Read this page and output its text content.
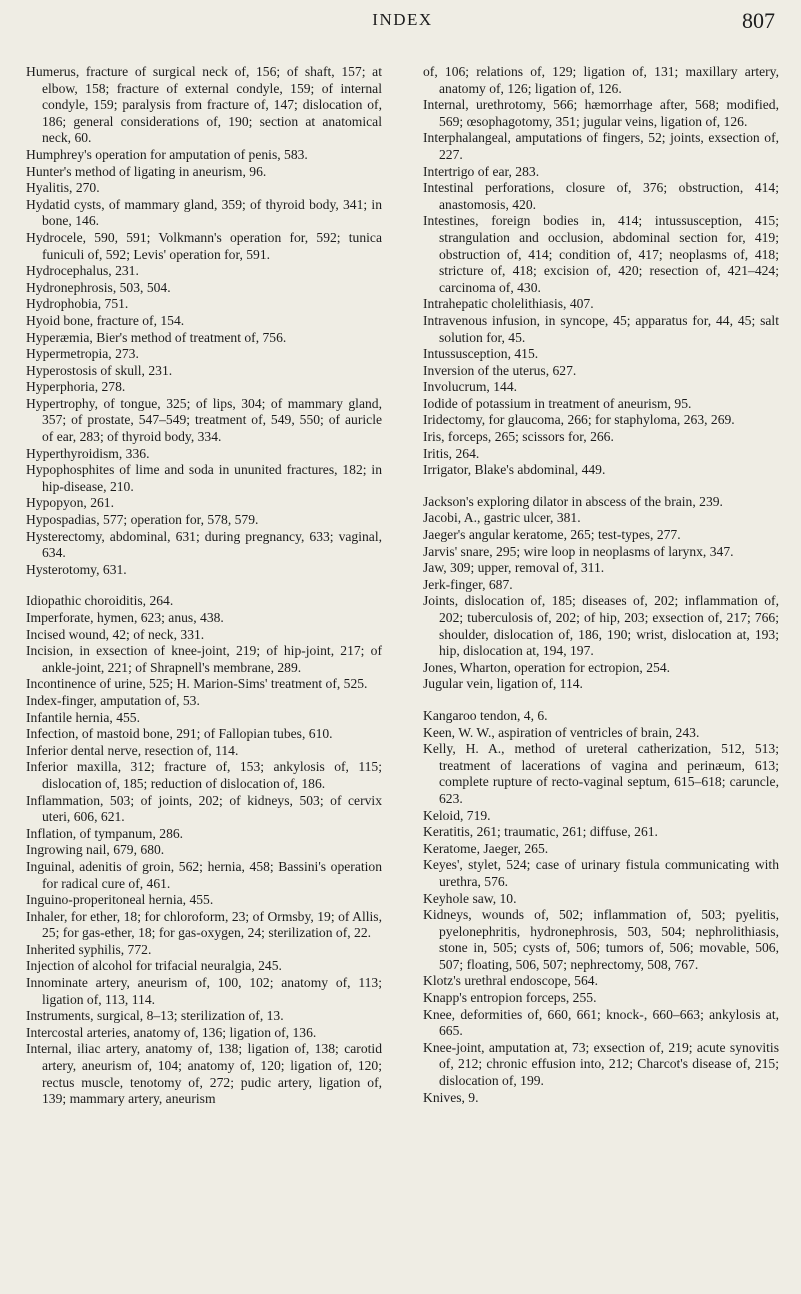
INDEX	807

Humerus, fracture of surgical neck of, 156; of shaft, 157; at elbow, 158; fracture of external condyle, 159; of internal condyle, 159; paralysis from fracture of, 147; dislocation of, 186; general considerations of, 190; section at anatomical neck, 60.

Humphrey's operation for amputation of penis, 583.

Hunter's method of ligating in aneurism, 96.

Hyalitis, 270.

Hydatid cysts, of mammary gland, 359; of thyroid body, 341; in bone, 146.

Hydrocele, 590, 591; Volkmann's operation for, 592; tunica funiculi of, 592; Levis' operation for, 591.

Hydrocephalus, 231.

Hydronephrosis, 503, 504.

Hydrophobia, 751.

Hyoid bone, fracture of, 154.

Hyperæmia, Bier's method of treatment of, 756.

Hypermetropia, 273.

Hyperostosis of skull, 231.

Hyperphoria, 278.

Hypertrophy, of tongue, 325; of lips, 304; of mammary gland, 357; of prostate, 547–549; treatment of, 549, 550; of auricle of ear, 283; of thyroid body, 334.

Hyperthyroidism, 336.

Hypophosphites of lime and soda in ununited fractures, 182; in hip-disease, 210.

Hypopyon, 261.

Hypospadias, 577; operation for, 578, 579.

Hysterectomy, abdominal, 631; during pregnancy, 633; vaginal, 634.

Hysterotomy, 631.

Idiopathic choroiditis, 264.

Imperforate, hymen, 623; anus, 438.

Incised wound, 42; of neck, 331.

Incision, in exsection of knee-joint, 219; of hip-joint, 217; of ankle-joint, 221; of Shrapnell's membrane, 289.

Incontinence of urine, 525; H. Marion-Sims' treatment of, 525.

Index-finger, amputation of, 53.

Infantile hernia, 455.

Infection, of mastoid bone, 291; of Fallopian tubes, 610.

Inferior dental nerve, resection of, 114.

Inferior maxilla, 312; fracture of, 153; ankylosis of, 115; dislocation of, 185; reduction of dislocation of, 186.

Inflammation, 503; of joints, 202; of kidneys, 503; of cervix uteri, 606, 621.

Inflation, of tympanum, 286.

Ingrowing nail, 679, 680.

Inguinal, adenitis of groin, 562; hernia, 458; Bassini's operation for radical cure of, 461.

Inguino-properitoneal hernia, 455.

Inhaler, for ether, 18; for chloroform, 23; of Ormsby, 19; of Allis, 25; for gas-ether, 18; for gas-oxygen, 24; sterilization of, 22.

Inherited syphilis, 772.

Injection of alcohol for trifacial neuralgia, 245.

Innominate artery, aneurism of, 100, 102; anatomy of, 113; ligation of, 113, 114.

Instruments, surgical, 8–13; sterilization of, 13.

Intercostal arteries, anatomy of, 136; ligation of, 136.

Internal, iliac artery, anatomy of, 138; ligation of, 138; carotid artery, aneurism of, 104; anatomy of, 120; ligation of, 120; rectus muscle, tenotomy of, 272; pudic artery, ligation of, 139; mammary artery, aneurism

of, 106; relations of, 129; ligation of, 131; maxillary artery, anatomy of, 126; ligation of, 126.

Internal, urethrotomy, 566; hæmorrhage after, 568; modified, 569; œsophagotomy, 351; jugular veins, ligation of, 126.

Interphalangeal, amputations of fingers, 52; joints, exsection of, 227.

Intertrigo of ear, 283.

Intestinal perforations, closure of, 376; obstruction, 414; anastomosis, 420.

Intestines, foreign bodies in, 414; intussusception, 415; strangulation and occlusion, abdominal section for, 419; obstruction of, 414; condition of, 417; neoplasms of, 418; stricture of, 418; excision of, 420; resection of, 421–424; carcinoma of, 430.

Intrahepatic cholelithiasis, 407.

Intravenous infusion, in syncope, 45; apparatus for, 44, 45; salt solution for, 45.

Intussusception, 415.

Inversion of the uterus, 627.

Involucrum, 144.

Iodide of potassium in treatment of aneurism, 95.

Iridectomy, for glaucoma, 266; for staphyloma, 263, 269.

Iris, forceps, 265; scissors for, 266.

Iritis, 264.

Irrigator, Blake's abdominal, 449.

Jackson's exploring dilator in abscess of the brain, 239.

Jacobi, A., gastric ulcer, 381.

Jaeger's angular keratome, 265; test-types, 277.

Jarvis' snare, 295; wire loop in neoplasms of larynx, 347.

Jaw, 309; upper, removal of, 311.

Jerk-finger, 687.

Joints, dislocation of, 185; diseases of, 202; inflammation of, 202; tuberculosis of, 202; of hip, 203; exsection of, 217; 766; shoulder, dislocation of, 186, 190; wrist, dislocation at, 193; hip, dislocation at, 194, 197.

Jones, Wharton, operation for ectropion, 254.

Jugular vein, ligation of, 114.

Kangaroo tendon, 4, 6.

Keen, W. W., aspiration of ventricles of brain, 243.

Kelly, H. A., method of ureteral catherization, 512, 513; treatment of lacerations of vagina and perinæum, 613; complete rupture of recto-vaginal septum, 615–618; caruncle, 623.

Keloid, 719.

Keratitis, 261; traumatic, 261; diffuse, 261.

Keratome, Jaeger, 265.

Keyes', stylet, 524; case of urinary fistula communicating with urethra, 576.

Keyhole saw, 10.

Kidneys, wounds of, 502; inflammation of, 503; pyelitis, pyelonephritis, hydronephrosis, 503, 504; nephrolithiasis, stone in, 505; cysts of, 506; tumors of, 506; movable, 506, 507; floating, 506, 507; nephrectomy, 508, 767.

Klotz's urethral endoscope, 564.

Knapp's entropion forceps, 255.

Knee, deformities of, 660, 661; knock-, 660–663; ankylosis at, 665.

Knee-joint, amputation at, 73; exsection of, 219; acute synovitis of, 212; chronic effusion into, 212; Charcot's disease of, 215; dislocation of, 199.

Knives, 9.
